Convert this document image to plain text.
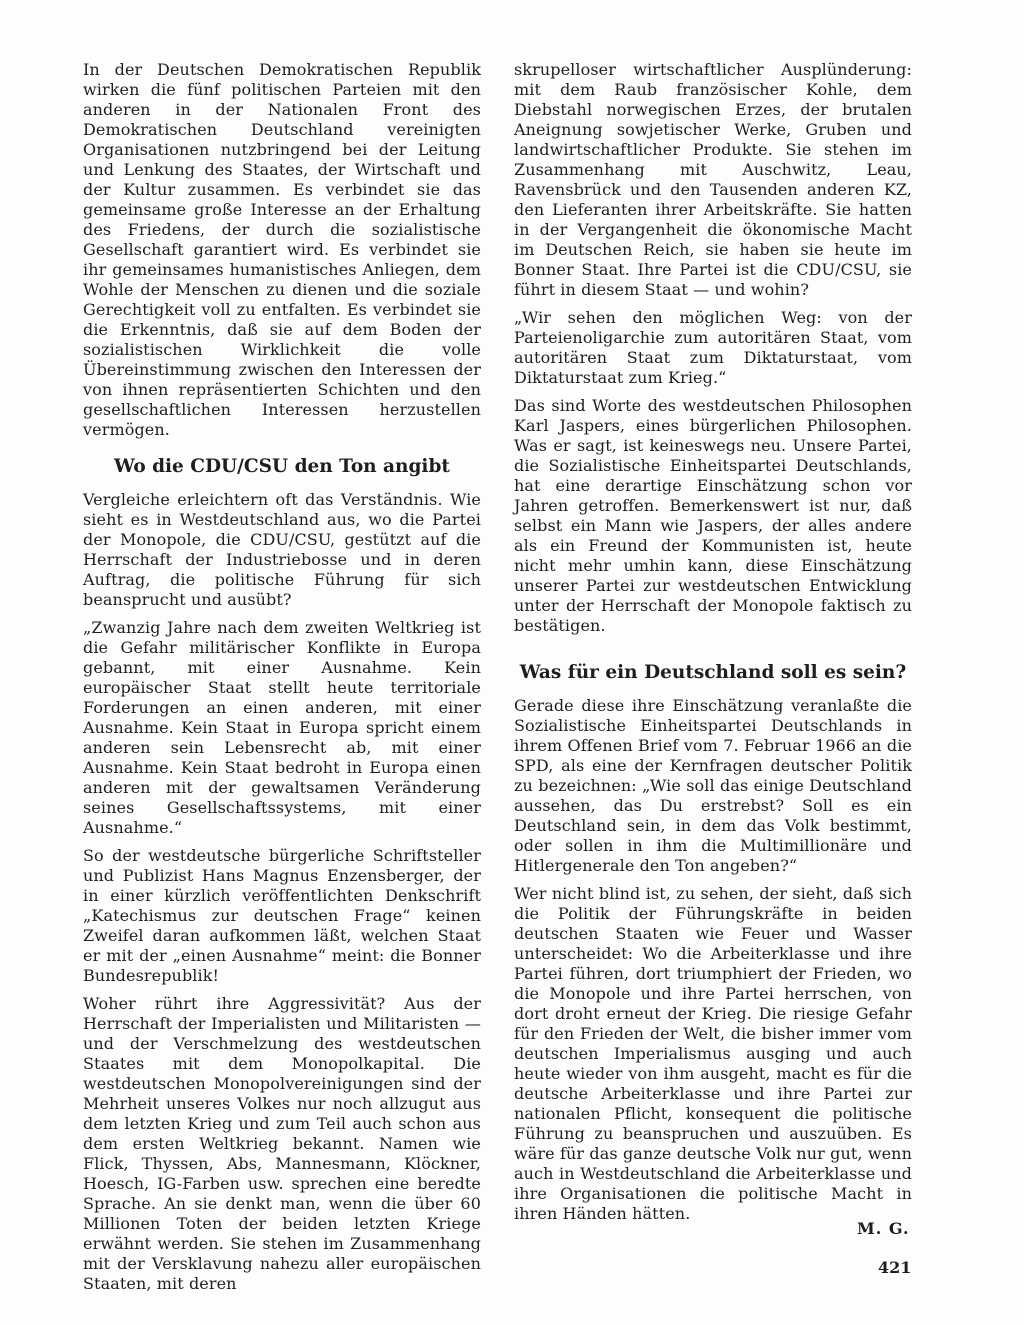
In der Deutschen Demokratischen Republik wirken die fünf politischen Parteien mit den anderen in der Nationalen Front des Demokratischen Deutschland vereinigten Organisationen nutzbringend bei der Leitung und Lenkung des Staates, der Wirtschaft und der Kultur zusammen. Es verbindet sie das gemeinsame große Interesse an der Erhaltung des Friedens, der durch die sozialistische Gesellschaft garantiert wird. Es verbindet sie ihr gemeinsames humanistisches Anliegen, dem Wohle der Menschen zu dienen und die soziale Gerechtigkeit voll zu entfalten. Es verbindet sie die Erkenntnis, daß sie auf dem Boden der sozialistischen Wirklichkeit die volle Übereinstimmung zwischen den Interessen der von ihnen repräsentierten Schichten und den gesellschaftlichen Interessen herzustellen vermögen.

Wo die CDU/CSU den Ton angibt

Vergleiche erleichtern oft das Verständnis. Wie sieht es in Westdeutschland aus, wo die Partei der Monopole, die CDU/CSU, gestützt auf die Herrschaft der Industriebosse und in deren Auftrag, die politische Führung für sich beansprucht und ausübt?

„Zwanzig Jahre nach dem zweiten Weltkrieg ist die Gefahr militärischer Konflikte in Europa gebannt, mit einer Ausnahme. Kein europäischer Staat stellt heute territoriale Forderungen an einen anderen, mit einer Ausnahme. Kein Staat in Europa spricht einem anderen sein Lebensrecht ab, mit einer Ausnahme. Kein Staat bedroht in Europa einen anderen mit der gewaltsamen Veränderung seines Gesellschaftssystems, mit einer Ausnahme.“

So der westdeutsche bürgerliche Schriftsteller und Publizist Hans Magnus Enzensberger, der in einer kürzlich veröffentlichten Denkschrift „Katechismus zur deutschen Frage“ keinen Zweifel daran aufkommen läßt, welchen Staat er mit der „einen Ausnahme“ meint: die Bonner Bundesrepublik!

Woher rührt ihre Aggressivität? Aus der Herrschaft der Imperialisten und Militaristen — und der Verschmelzung des westdeutschen Staates mit dem Monopolkapital. Die westdeutschen Monopolvereinigungen sind der Mehrheit unseres Volkes nur noch allzugut aus dem letzten Krieg und zum Teil auch schon aus dem ersten Weltkrieg bekannt. Namen wie Flick, Thyssen, Abs, Mannesmann, Klöckner, Hoesch, IG-Farben usw. sprechen eine beredte Sprache. An sie denkt man, wenn die über 60 Millionen Toten der beiden letzten Kriege erwähnt werden. Sie stehen im Zusammenhang mit der Versklavung nahezu aller europäischen Staaten, mit deren

skrupelloser wirtschaftlicher Ausplünderung: mit dem Raub französischer Kohle, dem Diebstahl norwegischen Erzes, der brutalen Aneignung sowjetischer Werke, Gruben und landwirtschaftlicher Produkte. Sie stehen im Zusammenhang mit Auschwitz, Leau, Ravensbrück und den Tausenden anderen KZ, den Lieferanten ihrer Arbeitskräfte. Sie hatten in der Vergangenheit die ökonomische Macht im Deutschen Reich, sie haben sie heute im Bonner Staat. Ihre Partei ist die CDU/CSU, sie führt in diesem Staat — und wohin?

„Wir sehen den möglichen Weg: von der Parteienoligarchie zum autoritären Staat, vom autoritären Staat zum Diktaturstaat, vom Diktaturstaat zum Krieg.“

Das sind Worte des westdeutschen Philosophen Karl Jaspers, eines bürgerlichen Philosophen. Was er sagt, ist keineswegs neu. Unsere Partei, die Sozialistische Einheitspartei Deutschlands, hat eine derartige Einschätzung schon vor Jahren getroffen. Bemerkenswert ist nur, daß selbst ein Mann wie Jaspers, der alles andere als ein Freund der Kommunisten ist, heute nicht mehr umhin kann, diese Einschätzung unserer Partei zur westdeutschen Entwicklung unter der Herrschaft der Monopole faktisch zu bestätigen.

Was für ein Deutschland soll es sein?

Gerade diese ihre Einschätzung veranlaßte die Sozialistische Einheitspartei Deutschlands in ihrem Offenen Brief vom 7. Februar 1966 an die SPD, als eine der Kernfragen deutscher Politik zu bezeichnen: „Wie soll das einige Deutschland aussehen, das Du erstrebst? Soll es ein Deutschland sein, in dem das Volk bestimmt, oder sollen in ihm die Multimillionäre und Hitlergenerale den Ton angeben?“

Wer nicht blind ist, zu sehen, der sieht, daß sich die Politik der Führungskräfte in beiden deutschen Staaten wie Feuer und Wasser unterscheidet: Wo die Arbeiterklasse und ihre Partei führen, dort triumphiert der Frieden, wo die Monopole und ihre Partei herrschen, von dort droht erneut der Krieg. Die riesige Gefahr für den Frieden der Welt, die bisher immer vom deutschen Imperialismus ausging und auch heute wieder von ihm ausgeht, macht es für die deutsche Arbeiterklasse und ihre Partei zur nationalen Pflicht, konsequent die politische Führung zu beanspruchen und auszuüben. Es wäre für das ganze deutsche Volk nur gut, wenn auch in Westdeutschland die Arbeiterklasse und ihre Organisationen die politische Macht in ihren Händen hätten.

M. G.
421
